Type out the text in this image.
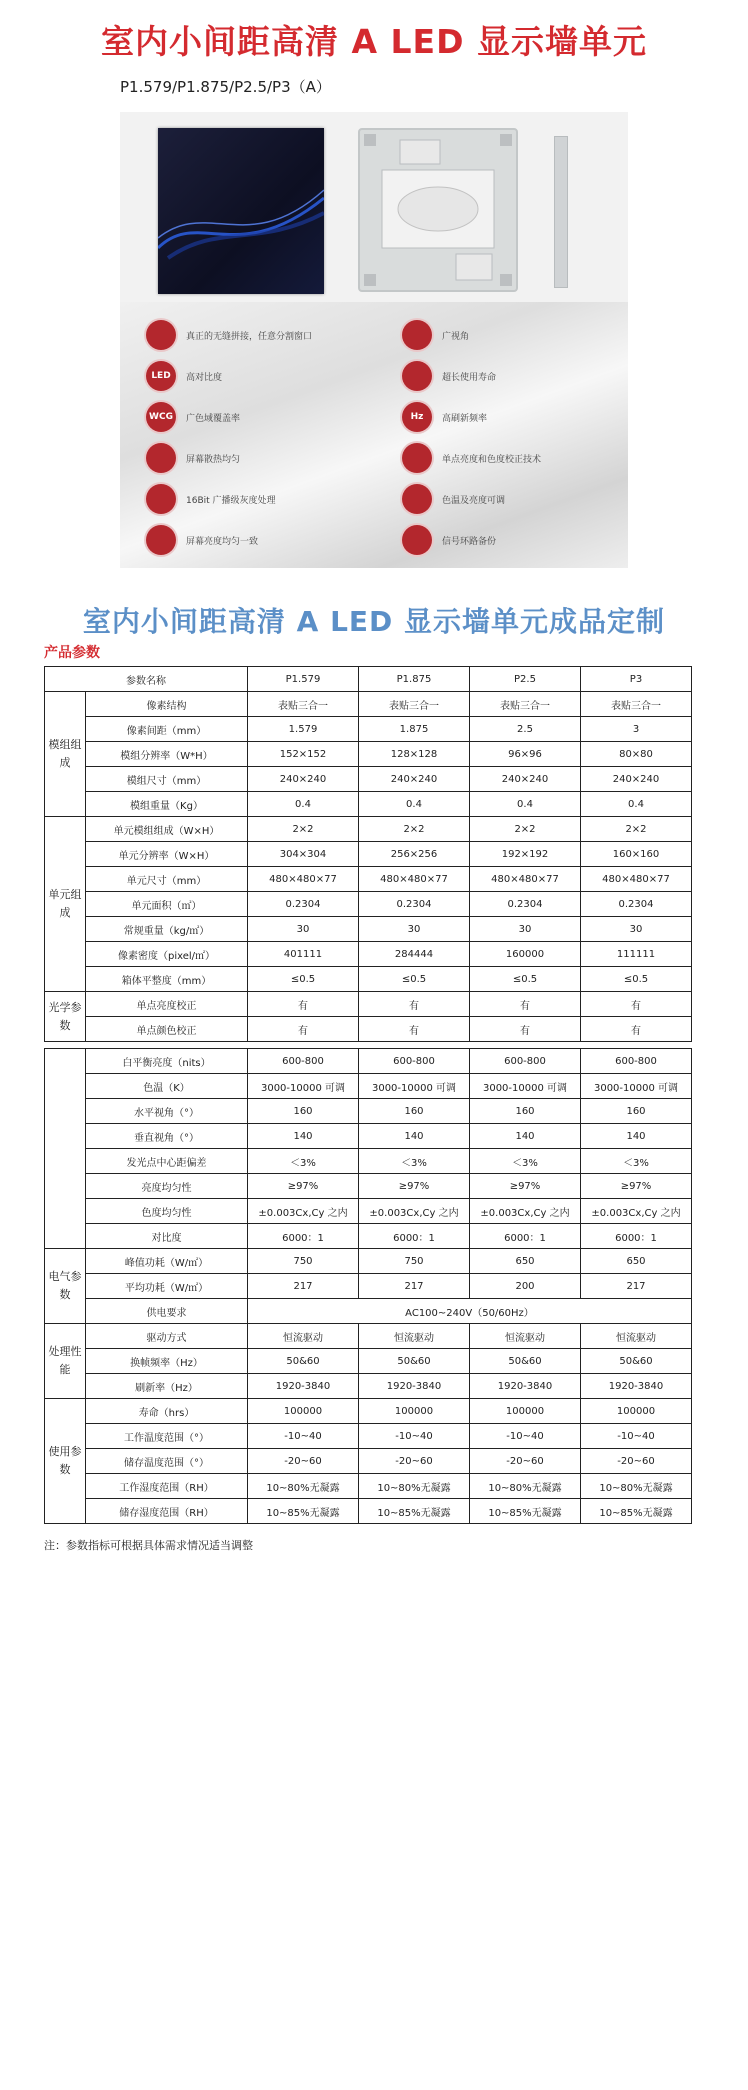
室内小间距高清 A LED 显示墙单元
P1.579/P1.875/P2.5/P3（A）
真正的无缝拼接，任意分割窗口	广视角
LED	高对比度	超长使用寿命
WCG	广色域覆盖率	Hz	高刷新频率
屏幕散热均匀	单点亮度和色度校正技术
16Bit 广播级灰度处理	色温及亮度可调
屏幕亮度均匀一致	信号环路备份
室内小间距高清 A LED 显示墙单元成品定制
产品参数
参数名称		P1.579	P1.875	P2.5	P3
模组组成	像素结构	表贴三合一	表贴三合一	表贴三合一	表贴三合一
	像素间距（mm）	1.579	1.875	2.5	3
	模组分辨率（W*H）	152×152	128×128	96×96	80×80
	模组尺寸（mm）	240×240	240×240	240×240	240×240
	模组重量（Kg）	0.4	0.4	0.4	0.4
单元组成	单元模组组成（W×H）	2×2	2×2	2×2	2×2
	单元分辨率（W×H）	304×304	256×256	192×192	160×160
	单元尺寸（mm）	480×480×77	480×480×77	480×480×77	480×480×77
	单元面积（㎡）	0.2304	0.2304	0.2304	0.2304
	常规重量（kg/㎡）	30	30	30	30
	像素密度（pixel/㎡）	401111	284444	160000	111111
	箱体平整度（mm）	≤0.5	≤0.5	≤0.5	≤0.5
光学参数	单点亮度校正	有	有	有	有
	单点颜色校正	有	有	有	有
	白平衡亮度（nits）	600-800	600-800	600-800	600-800
	色温（K）	3000-10000 可调	3000-10000 可调	3000-10000 可调	3000-10000 可调
	水平视角（°）	160	160	160	160
	垂直视角（°）	140	140	140	140
	发光点中心距偏差	＜3%	＜3%	＜3%	＜3%
	亮度均匀性	≥97%	≥97%	≥97%	≥97%
	色度均匀性	±0.003Cx,Cy 之内	±0.003Cx,Cy 之内	±0.003Cx,Cy 之内	±0.003Cx,Cy 之内
	对比度	6000：1	6000：1	6000：1	6000：1
电气参数	峰值功耗（W/㎡）	750	750	650	650
	平均功耗（W/㎡）	217	217	200	217
	供电要求	AC100~240V（50/60Hz）			
处理性能	驱动方式	恒流驱动	恒流驱动	恒流驱动	恒流驱动
	换帧频率（Hz）	50&60	50&60	50&60	50&60
	刷新率（Hz）	1920-3840	1920-3840	1920-3840	1920-3840
使用参数	寿命（hrs）	100000	100000	100000	100000
	工作温度范围（°）	-10~40	-10~40	-10~40	-10~40
	储存温度范围（°）	-20~60	-20~60	-20~60	-20~60
	工作湿度范围（RH）	10~80%无凝露	10~80%无凝露	10~80%无凝露	10~80%无凝露
	储存湿度范围（RH）	10~85%无凝露	10~85%无凝露	10~85%无凝露	10~85%无凝露
注：参数指标可根据具体需求情况适当调整
